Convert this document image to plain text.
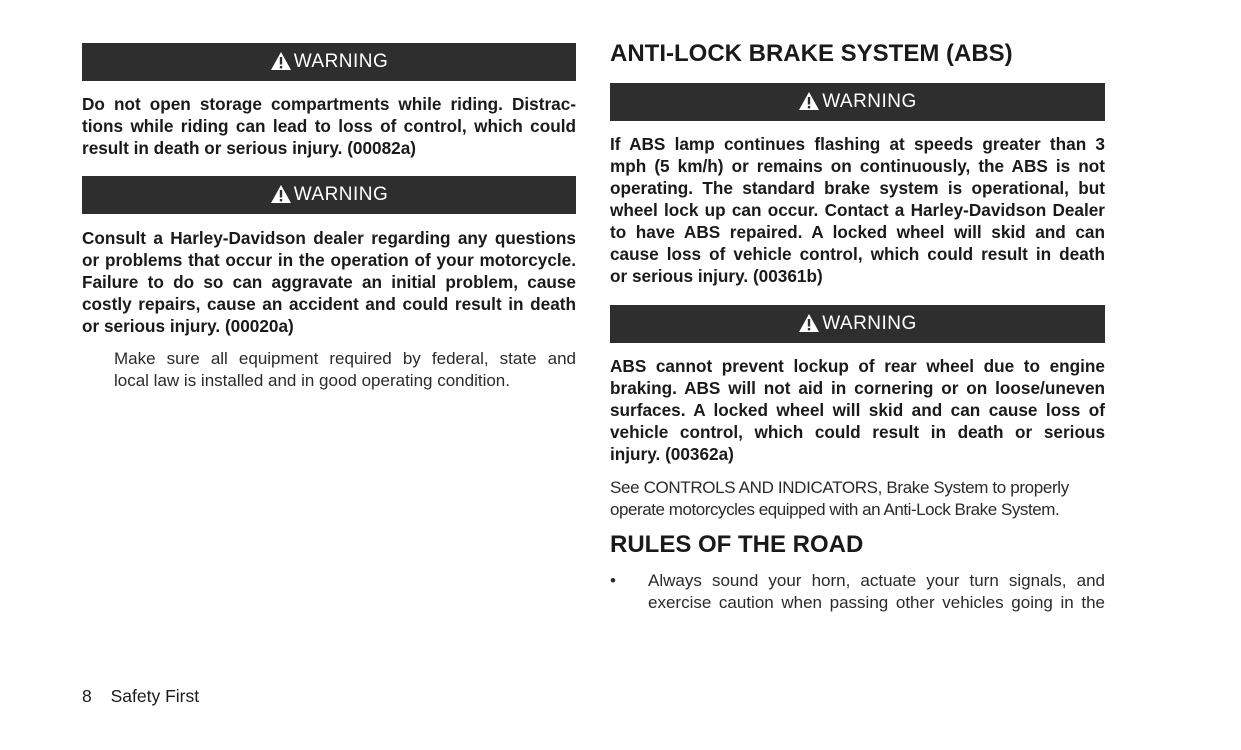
WARNING
Do not open storage compartments while riding. Distrac-
tions while riding can lead to loss of control, which could
result in death or serious injury. (00082a)
WARNING
Consult a Harley-Davidson dealer regarding any questions
or problems that occur in the operation of your motorcycle.
Failure to do so can aggravate an initial problem, cause
costly repairs, cause an accident and could result in death
or serious injury. (00020a)
Make sure all equipment required by federal, state and
local law is installed and in good operating condition.
ANTI-LOCK BRAKE SYSTEM (ABS)
WARNING
If ABS lamp continues flashing at speeds greater than 3
mph (5 km/h) or remains on continuously, the ABS is not
operating. The standard brake system is operational, but
wheel lock up can occur. Contact a Harley-Davidson Dealer
to have ABS repaired. A locked wheel will skid and can
cause loss of vehicle control, which could result in death
or serious injury. (00361b)
WARNING
ABS cannot prevent lockup of rear wheel due to engine
braking. ABS will not aid in cornering or on loose/uneven
surfaces. A locked wheel will skid and can cause loss of
vehicle control, which could result in death or serious
injury. (00362a)
See CONTROLS AND INDICATORS, Brake System to properly
operate motorcycles equipped with an Anti-Lock Brake System.
RULES OF THE ROAD
• Always sound your horn, actuate your turn signals, and
exercise caution when passing other vehicles going in the
8 Safety First
